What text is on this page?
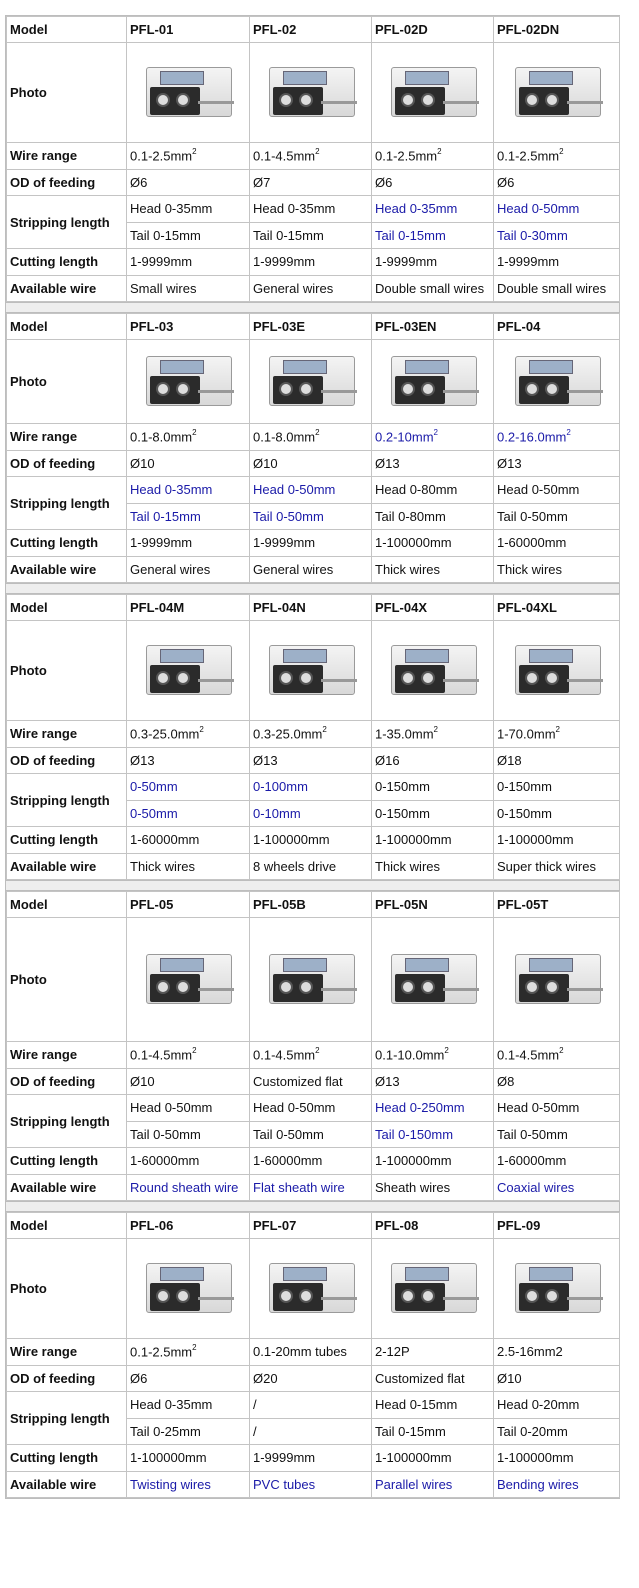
Model	PFL-01	PFL-02	PFL-02D	PFL-02DN
Photo	

Wire range	$0.1-2.5mm^2$	$0.1-4.5mm^2$	$0.1-2.5mm^2$	$0.1-2.5mm^2$
OD of feeding	Ø6	Ø7	Ø6	Ø6
Stripping length	Head 0-35mm	Head 0-35mm	Head 0-35mm	Head 0-50mm
	Tail 0-15mm	Tail 0-15mm	Tail 0-15mm	Tail 0-30mm
Cutting length	1-9999mm	1-9999mm	1-9999mm	1-9999mm
Available wire	Small wires	General wires	Double small wires	Double small wires
Model	PFL-03	PFL-03E	PFL-03EN	PFL-04
Photo	

Wire range	$0.1-8.0mm^2$	$0.1-8.0mm^2$	$0.2-10mm^2$	$0.2-16.0mm^2$
OD of feeding	Ø10	Ø10	Ø13	Ø13
Stripping length	Head 0-35mm	Head 0-50mm	Head 0-80mm	Head 0-50mm
	Tail 0-15mm	Tail 0-50mm	Tail 0-80mm	Tail 0-50mm
Cutting length	1-9999mm	1-9999mm	1-100000mm	1-60000mm
Available wire	General wires	General wires	Thick wires	Thick wires
Model	PFL-04M	PFL-04N	PFL-04X	PFL-04XL
Photo	

Wire range	$0.3-25.0mm^2$	$0.3-25.0mm^2$	$1-35.0mm^2$	$1-70.0mm^2$
OD of feeding	Ø13	Ø13	Ø16	Ø18
Stripping length	0-50mm	0-100mm	0-150mm	0-150mm
	0-50mm	0-10mm	0-150mm	0-150mm
Cutting length	1-60000mm	1-100000mm	1-100000mm	1-100000mm
Available wire	Thick wires	8 wheels drive	Thick wires	Super thick wires
Model	PFL-05	PFL-05B	PFL-05N	PFL-05T
Photo	

Wire range	$0.1-4.5mm^2$	$0.1-4.5mm^2$	$0.1-10.0mm^2$	$0.1-4.5mm^2$
OD of feeding	Ø10	Customized flat	Ø13	Ø8
Stripping length	Head 0-50mm	Head 0-50mm	Head 0-250mm	Head 0-50mm
	Tail 0-50mm	Tail 0-50mm	Tail 0-150mm	Tail 0-50mm
Cutting length	1-60000mm	1-60000mm	1-100000mm	1-60000mm
Available wire	Round sheath wire	Flat sheath wire	Sheath wires	Coaxial wires
Model	PFL-06	PFL-07	PFL-08	PFL-09
Photo	

Wire range	$0.1-2.5mm^2$	0.1-20mm tubes	2-12P	2.5-16mm2
OD of feeding	Ø6	Ø20	Customized flat	Ø10
Stripping length	Head 0-35mm	/	Head 0-15mm	Head 0-20mm
	Tail 0-25mm	/	Tail 0-15mm	Tail 0-20mm
Cutting length	1-100000mm	1-9999mm	1-100000mm	1-100000mm
Available wire	Twisting wires	PVC tubes	Parallel wires	Bending wires
